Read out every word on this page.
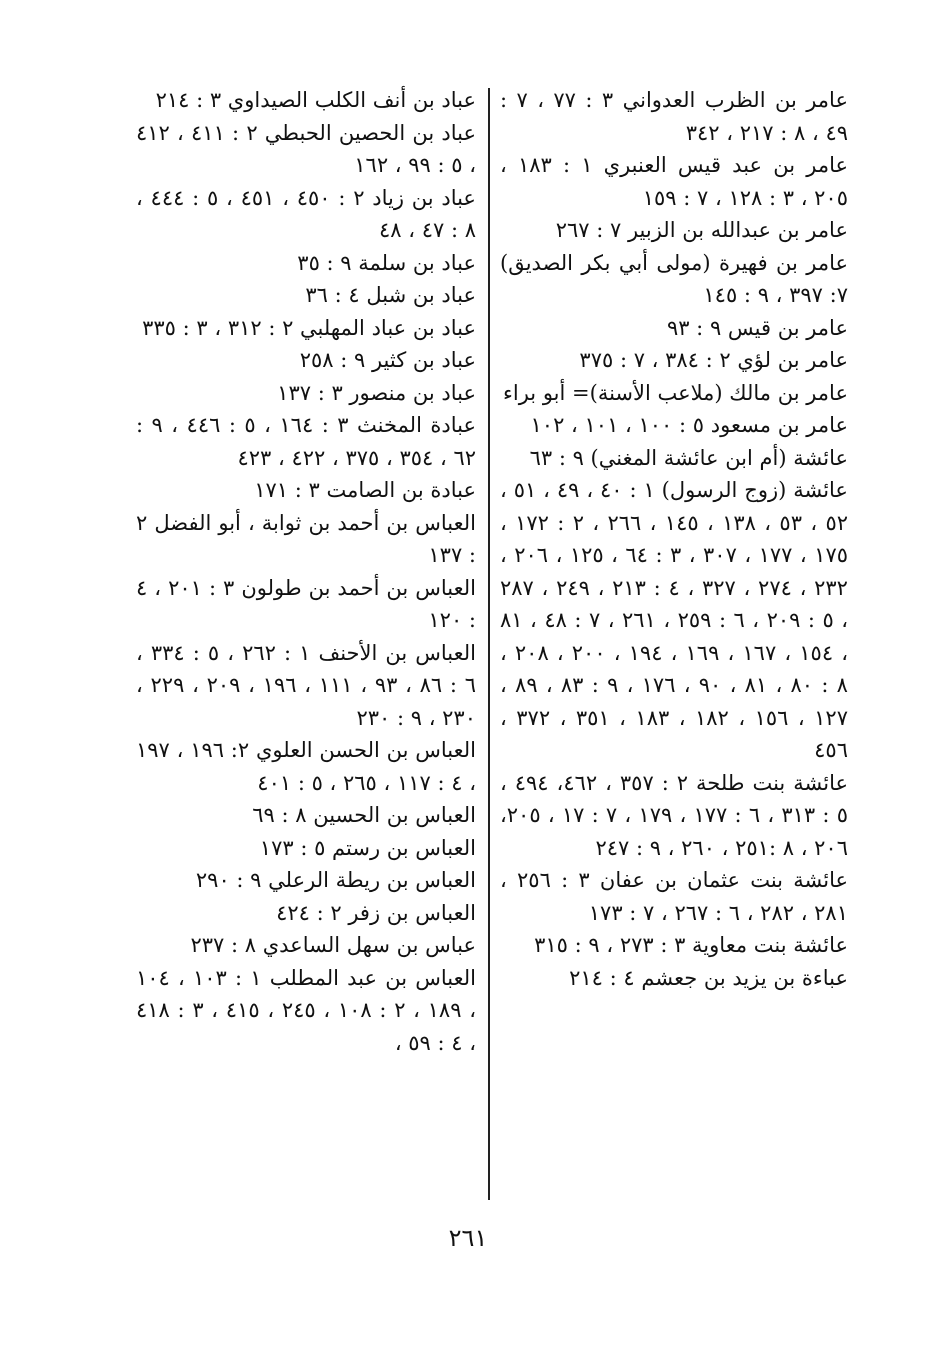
عامر بن الظرب العدواني ٣ : ٧٧ ، ٧ : ٤٩ ، ٨ : ٢١٧ ، ٣٤٢

عامر بن عبد قيس العنبري ١ : ١٨٣ ، ٢٠٥ ، ٣ : ١٢٨ ، ٧ : ١٥٩

عامر بن عبدالله بن الزبير ٧ : ٢٦٧

عامر بن فهيرة (مولى أبي بكر الصديق) ٧: ٣٩٧ ، ٩ : ١٤٥

عامر بن قيس ٩ : ٩٣

عامر بن لؤي ٢ : ٣٨٤ ، ٧ : ٣٧٥

عامر بن مالك (ملاعب الأسنة)= أبو براء

عامر بن مسعود ٥ : ١٠٠ ، ١٠١ ، ١٠٢

عائشة (أم ابن عائشة المغني) ٩ : ٦٣

عائشة (زوج الرسول) ١ : ٤٠ ، ٤٩ ، ٥١ ، ٥٢ ، ٥٣ ، ١٣٨ ، ١٤٥ ، ٢٦٦ ، ٢ : ١٧٢ ، ١٧٥ ، ١٧٧ ، ٣٠٧ ، ٣ : ٦٤ ، ١٢٥ ، ٢٠٦ ، ٢٣٢ ، ٢٧٤ ، ٣٢٧ ، ٤ : ٢١٣ ، ٢٤٩ ، ٢٨٧ ، ٥ : ٢٠٩ ، ٦ : ٢٥٩ ، ٢٦١ ، ٧ : ٤٨ ، ٨١ ، ١٥٤ ، ١٦٧ ، ١٦٩ ، ١٩٤ ، ٢٠٠ ، ٢٠٨ ، ٨ : ٨٠ ، ٨١ ، ٩٠ ، ١٧٦ ، ٩ : ٨٣ ، ٨٩ ، ١٢٧ ، ١٥٦ ، ١٨٢ ، ١٨٣ ، ٣٥١ ، ٣٧٢ ، ٤٥٦

عائشة بنت طلحة ٢ : ٣٥٧ ، ٤٦٢، ٤٩٤ ، ٥ : ٣١٣ ، ٦ : ١٧٧ ، ١٧٩ ، ٧ : ١٧ ، ٢٠٥، ٢٠٦ ، ٨ :٢٥١ ، ٢٦٠ ، ٩ : ٢٤٧

عائشة بنت عثمان بن عفان ٣ : ٢٥٦ ، ٢٨١ ، ٢٨٢ ، ٦ : ٢٦٧ ، ٧ : ١٧٣

عائشة بنت معاوية ٣ : ٢٧٣ ، ٩ : ٣١٥

عباءة بن يزيد بن جعشم ٤ : ٢١٤

عباد بن أنف الكلب الصيداوي ٣ : ٢١٤

عباد بن الحصين الحبطي ٢ : ٤١١ ، ٤١٢ ، ٥ : ٩٩ ، ١٦٢

عباد بن زياد ٢ : ٤٥٠ ، ٤٥١ ، ٥ : ٤٤٤ ، ٨ : ٤٧ ، ٤٨

عباد بن سلمة ٩ : ٣٥

عباد بن شبل ٤ : ٣٦

عباد بن عباد المهلبي ٢ : ٣١٢ ، ٣ : ٣٣٥

عباد بن كثير ٩ : ٢٥٨

عباد بن منصور ٣ : ١٣٧

عبادة المخنث ٣ : ١٦٤ ، ٥ : ٤٤٦ ، ٩ : ٦٢ ، ٣٥٤ ، ٣٧٥ ، ٤٢٢ ، ٤٢٣

عبادة بن الصامت ٣ : ١٧١

العباس بن أحمد بن ثوابة ، أبو الفضل ٢ : ١٣٧

العباس بن أحمد بن طولون ٣ : ٢٠١ ، ٤ : ١٢٠

العباس بن الأحنف ١ : ٢٦٢ ، ٥ : ٣٣٤ ، ٦ : ٨٦ ، ٩٣ ، ١١١ ، ١٩٦ ، ٢٠٩ ، ٢٢٩ ، ٢٣٠ ، ٩ : ٢٣٠

العباس بن الحسن العلوي ٢: ١٩٦ ، ١٩٧ ، ٤ : ١١٧ ، ٢٦٥ ، ٥ : ٤٠١

العباس بن الحسين ٨ : ٦٩

العباس بن رستم ٥ : ١٧٣

العباس بن ريطة الرعلي ٩ : ٢٩٠

العباس بن زفر ٢ : ٤٢٤

عباس بن سهل الساعدي ٨ : ٢٣٧

العباس بن عبد المطلب ١ : ١٠٣ ، ١٠٤ ، ١٨٩ ، ٢ : ١٠٨ ، ٢٤٥ ، ٤١٥ ، ٣ : ٤١٨ ، ٤ : ٥٩ ،

٢٦١
